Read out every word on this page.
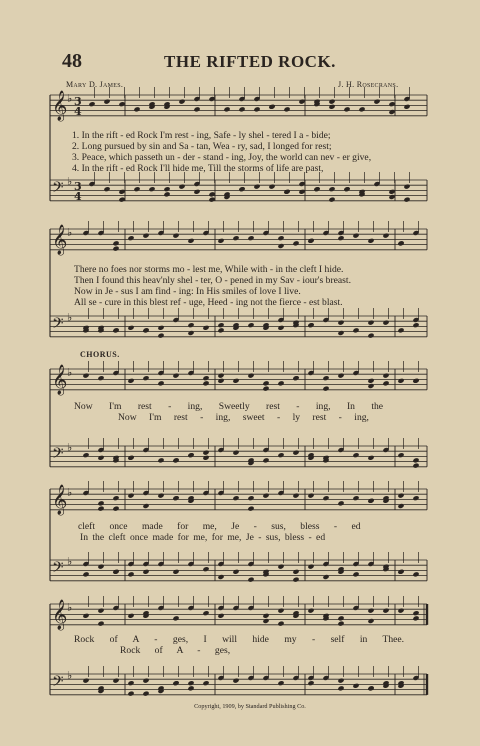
48	THE RIFTED ROCK.
Mary D. James.	J. H. Rosecrans.
𝄞 ♭
𝄢 ♭
3
4
3
4
𝄞 ♭
𝄢 ♭
𝄞 ♭
𝄢 ♭
𝄞 ♭
𝄢 ♭
𝄞 ♭
𝄢 ♭
1. In the rift - ed Rock I'm rest - ing, Safe - ly shel - tered I a - bide;
2. Long pursued by sin and Sa - tan, Wea - ry, sad, I longed for rest;
3. Peace, which passeth un - der - stand - ing, Joy, the world can nev - er give,
4. In the rift - ed Rock I'll hide me, Till the storms of life are past,
There no foes nor storms mo - lest me, While with - in the cleft I hide.
Then I found this heav'nly shel - ter, O - pened in my Sav - iour's breast.
Now in Je - sus I am find - ing: In His smiles of love I live.
All se - cure in this blest ref - uge, Heed - ing not the fierce - est blast.
CHORUS.
Now I'm rest - ing, Sweetly rest - ing, In the
Now I'm rest - ing, sweet - ly rest - ing,
cleft once made for me, Je - sus, bless - ed
In the cleft once made for me, for me, Je - sus, bless - ed
Rock of A - ges, I will hide my - self in Thee.
Rock of A - ges,
Copyright, 1909, by Standard Publishing Co.
